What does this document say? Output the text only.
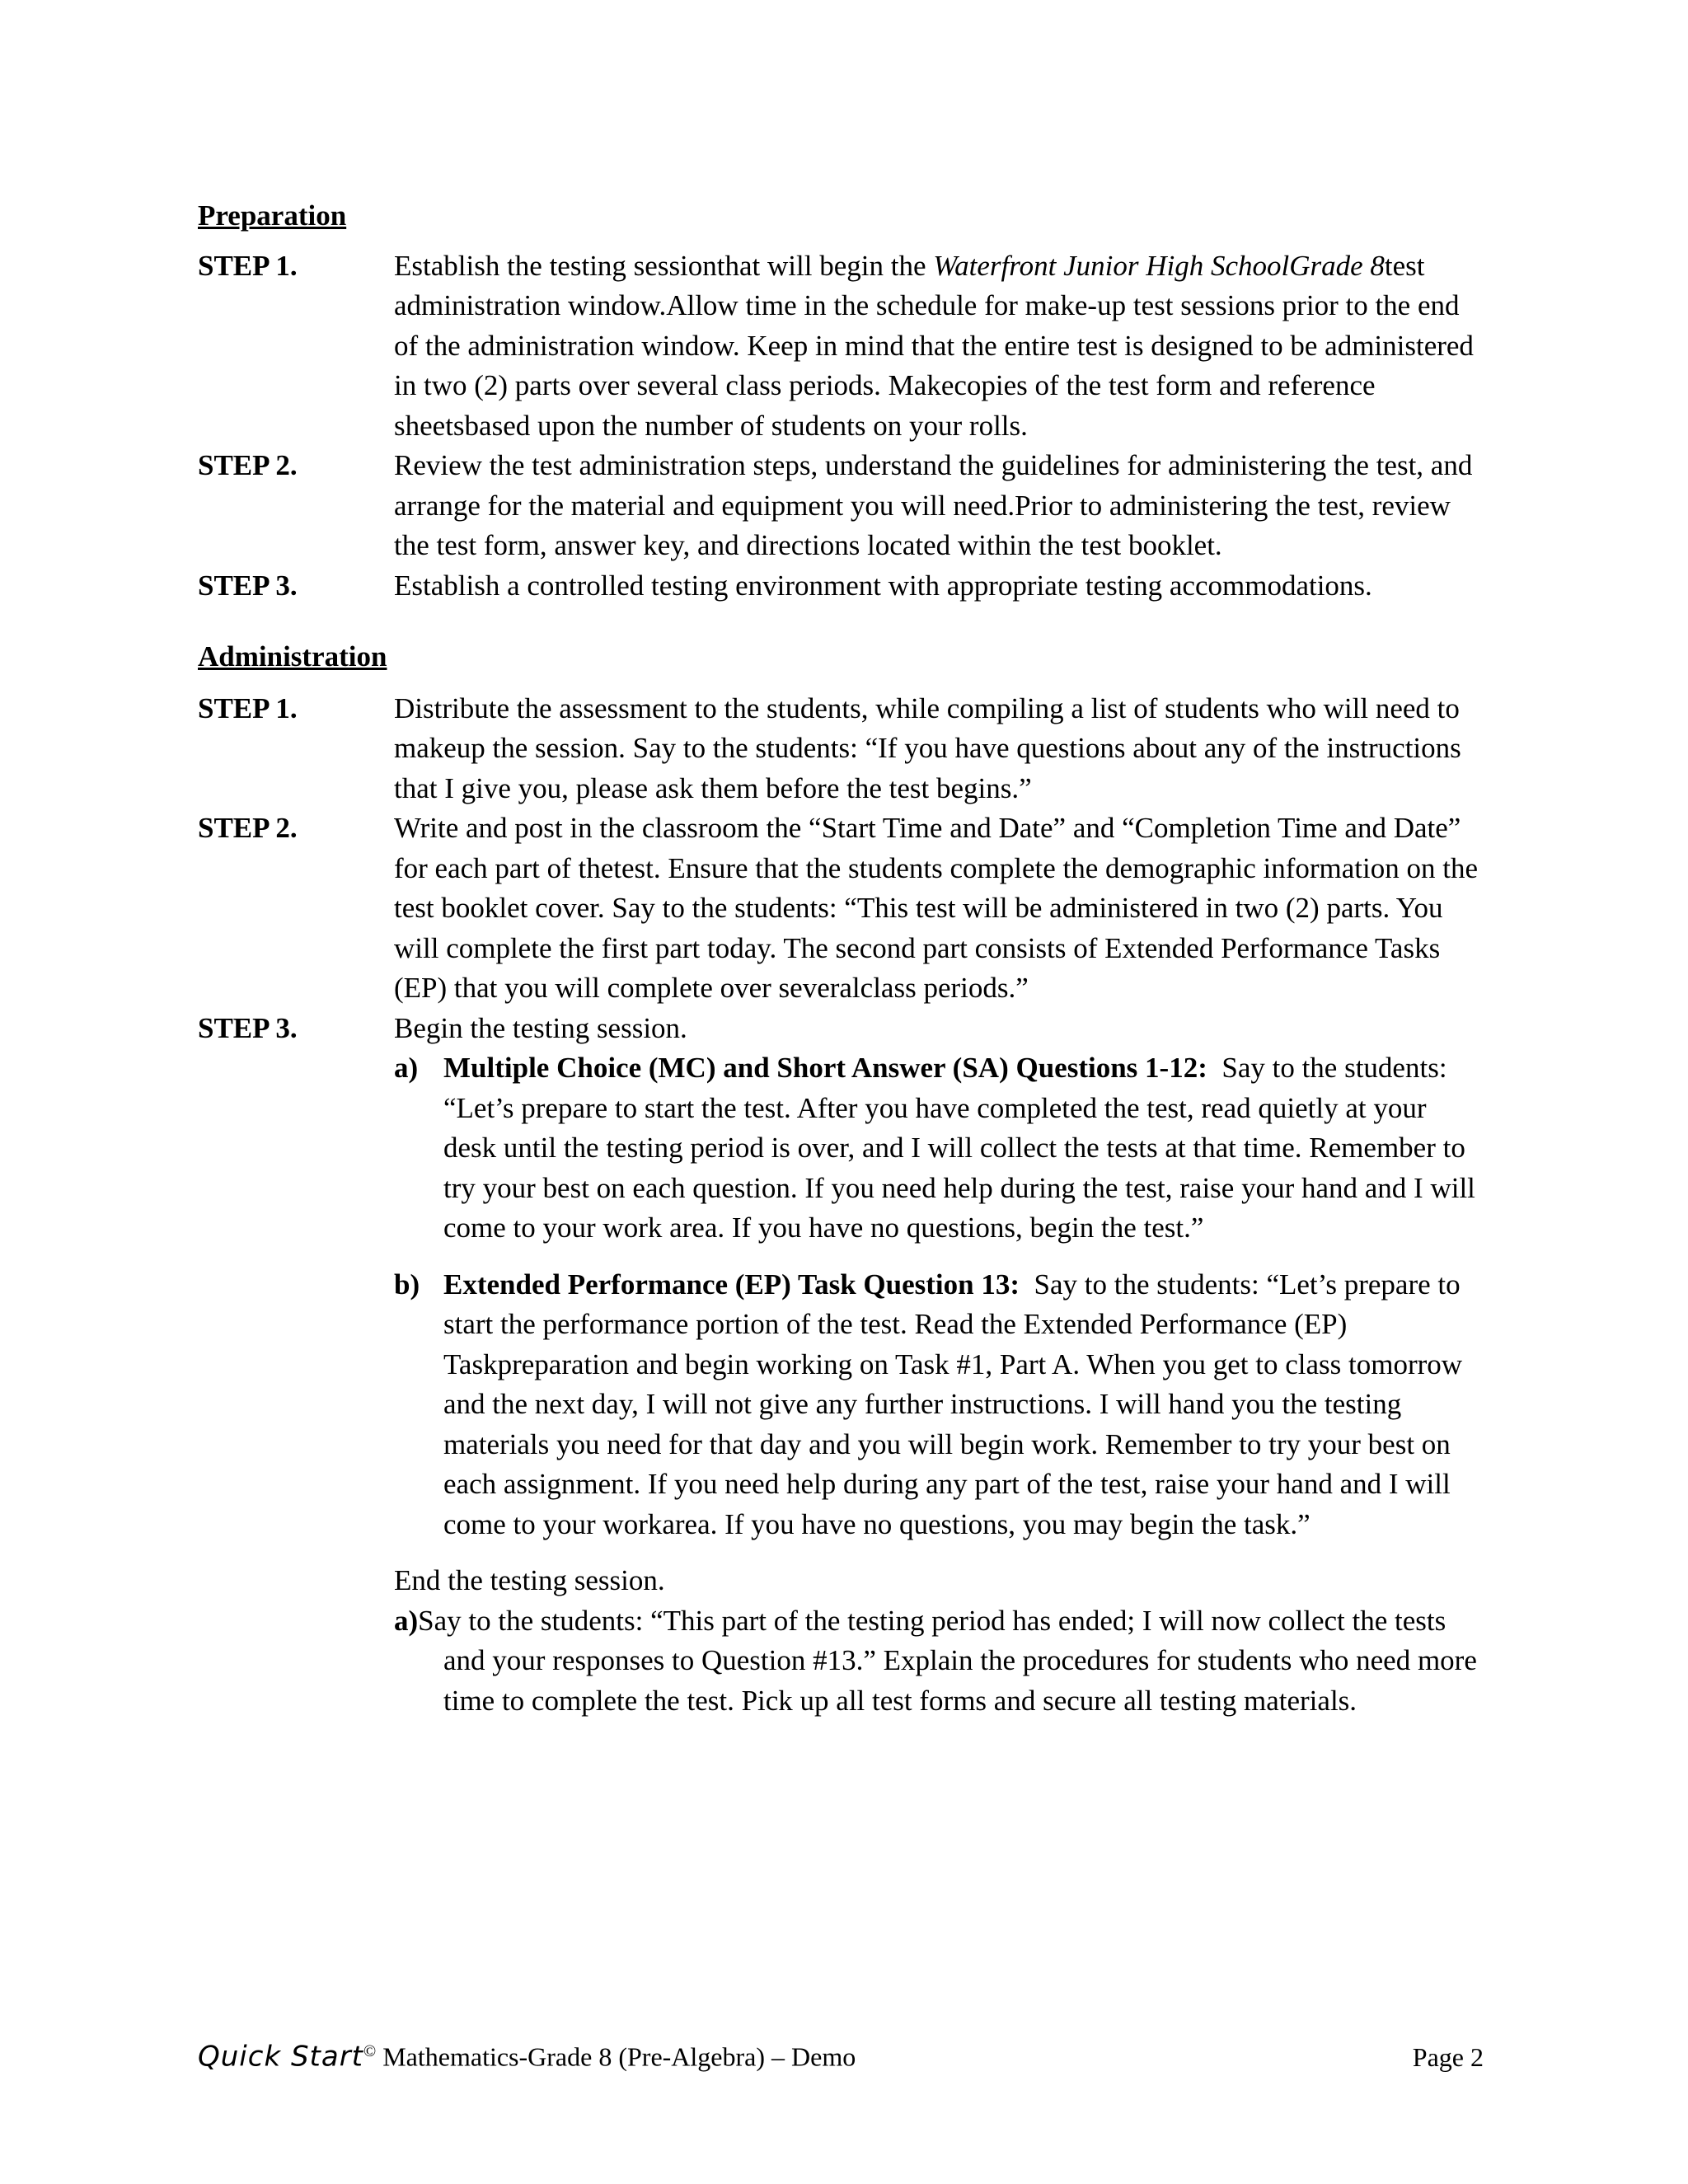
Preparation
STEP 1.	Establish the testing sessionthat will begin the Waterfront Junior High SchoolGrade 8test administration window.Allow time in the schedule for make-up test sessions prior to the end of the administration window. Keep in mind that the entire test is designed to be administered in two (2) parts over several class periods. Makecopies of the test form and reference sheetsbased upon the number of students on your rolls.
STEP 2.	Review the test administration steps, understand the guidelines for administering the test, and arrange for the material and equipment you will need.Prior to administering the test, review the test form, answer key, and directions located within the test booklet.
STEP 3.	Establish a controlled testing environment with appropriate testing accommodations.
Administration
STEP 1.	Distribute the assessment to the students, while compiling a list of students who will need to makeup the session. Say to the students: “If you have questions about any of the instructions that I give you, please ask them before the test begins.”
STEP 2.	Write and post in the classroom the “Start Time and Date” and “Completion Time and Date” for each part of thetest. Ensure that the students complete the demographic information on the test booklet cover. Say to the students: “This test will be administered in two (2) parts. You will complete the first part today. The second part consists of Extended Performance Tasks (EP) that you will complete over severalclass periods.”
STEP 3.	Begin the testing session.
a) Multiple Choice (MC) and Short Answer (SA) Questions 1-12: Say to the students: “Let’s prepare to start the test. After you have completed the test, read quietly at your desk until the testing period is over, and I will collect the tests at that time. Remember to try your best on each question. If you need help during the test, raise your hand and I will come to your work area. If you have no questions, begin the test.”
b) Extended Performance (EP) Task Question 13: Say to the students: “Let’s prepare to start the performance portion of the test. Read the Extended Performance (EP) Taskpreparation and begin working on Task #1, Part A. When you get to class tomorrow and the next day, I will not give any further instructions. I will hand you the testing materials you need for that day and you will begin work. Remember to try your best on each assignment. If you need help during any part of the test, raise your hand and I will come to your workarea. If you have no questions, you may begin the task.”
End the testing session.
a)Say to the students: “This part of the testing period has ended; I will now collect the tests and your responses to Question #13.” Explain the procedures for students who need more time to complete the test. Pick up all test forms and secure all testing materials.
Quick Start© Mathematics-Grade 8 (Pre-Algebra) – Demo	Page 2
